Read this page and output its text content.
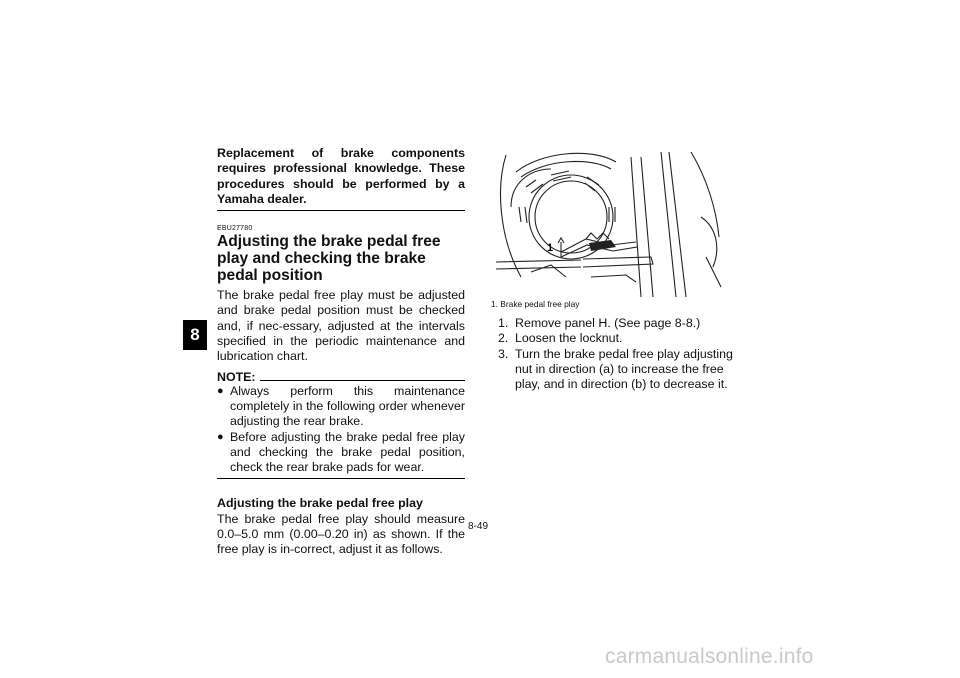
8

Replacement of brake components requires professional knowledge. These procedures should be performed by a Yamaha dealer.

EBU27780
Adjusting the brake pedal free play and checking the brake pedal position

The brake pedal free play must be adjusted and brake pedal position must be checked and, if nec-essary, adjusted at the intervals specified in the periodic maintenance and lubrication chart.

NOTE:
● Always perform this maintenance completely in the following order whenever adjusting the rear brake.
● Before adjusting the brake pedal free play and checking the brake pedal position, check the rear brake pads for wear.
Adjusting the brake pedal free play

The brake pedal free play should measure 0.0–5.0 mm (0.00–0.20 in) as shown. If the free play is in-correct, adjust it as follows.

1
1. Brake pedal free play
1. Remove panel H. (See page 8-8.)
2. Loosen the locknut.
3. Turn the brake pedal free play adjusting nut in direction (a) to increase the free play, and in direction (b) to decrease it.
8-49
carmanualsonline.info
